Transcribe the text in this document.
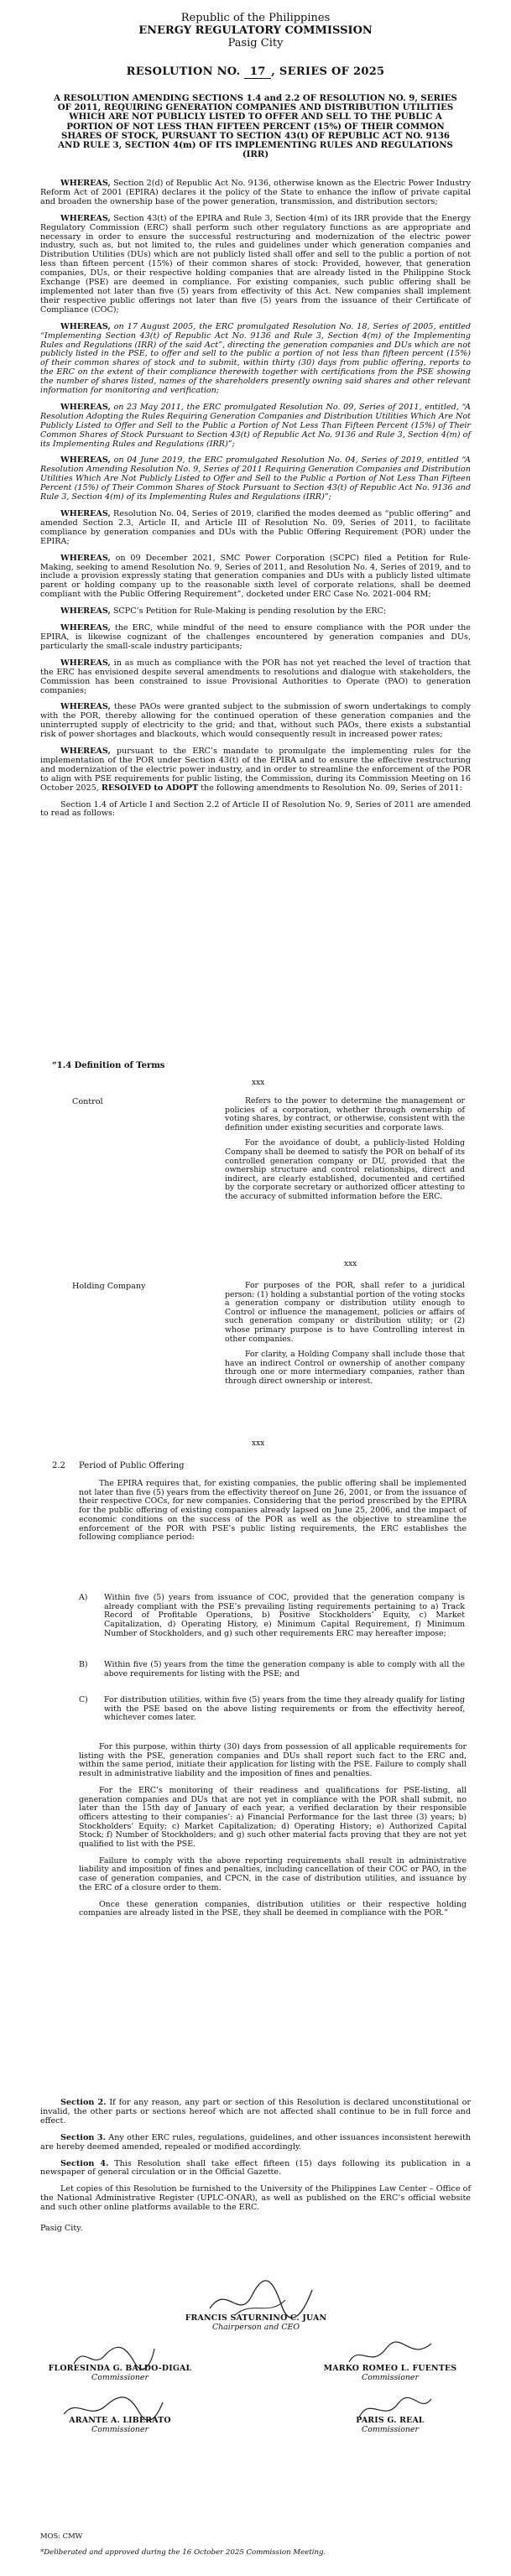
Republic of the Philippines
ENERGY REGULATORY COMMISSION
Pasig City
RESOLUTION NO. 17 , SERIES OF 2025
A RESOLUTION AMENDING SECTIONS 1.4 and 2.2 OF RESOLUTION NO. 9, SERIES OF 2011, REQUIRING GENERATION COMPANIES AND DISTRIBUTION UTILITIES WHICH ARE NOT PUBLICLY LISTED TO OFFER AND SELL TO THE PUBLIC A PORTION OF NOT LESS THAN FIFTEEN PERCENT (15%) OF THEIR COMMON SHARES OF STOCK, PURSUANT TO SECTION 43(t) OF REPUBLIC ACT NO. 9136 AND RULE 3, SECTION 4(m) OF ITS IMPLEMENTING RULES AND REGULATIONS (IRR)

WHEREAS, Section 2(d) of Republic Act No. 9136, otherwise known as the Electric Power Industry Reform Act of 2001 (EPIRA) declares it the policy of the State to enhance the inflow of private capital and broaden the ownership base of the power generation, transmission, and distribution sectors;

WHEREAS, Section 43(t) of the EPIRA and Rule 3, Section 4(m) of its IRR provide that the Energy Regulatory Commission (ERC) shall perform such other regulatory functions as are appropriate and necessary in order to ensure the successful restructuring and modernization of the electric power industry, such as, but not limited to, the rules and guidelines under which generation companies and Distribution Utilities (DUs) which are not publicly listed shall offer and sell to the public a portion of not less than fifteen percent (15%) of their common shares of stock: Provided, however, that generation companies, DUs, or their respective holding companies that are already listed in the Philippine Stock Exchange (PSE) are deemed in compliance. For existing companies, such public offering shall be implemented not later than five (5) years from effectivity of this Act. New companies shall implement their respective public offerings not later than five (5) years from the issuance of their Certificate of Compliance (COC);

WHEREAS, on 17 August 2005, the ERC promulgated Resolution No. 18, Series of 2005, entitled “Implementing Section 43(t) of Republic Act No. 9136 and Rule 3, Section 4(m) of the Implementing Rules and Regulations (IRR) of the said Act”, directing the generation companies and DUs which are not publicly listed in the PSE, to offer and sell to the public a portion of not less than fifteen percent (15%) of their common shares of stock and to submit, within thirty (30) days from public offering, reports to the ERC on the extent of their compliance therewith together with certifications from the PSE showing the number of shares listed, names of the shareholders presently owning said shares and other relevant information for monitoring and verification;

WHEREAS, on 23 May 2011, the ERC promulgated Resolution No. 09, Series of 2011, entitled, “A Resolution Adopting the Rules Requiring Generation Companies and Distribution Utilities Which Are Not Publicly Listed to Offer and Sell to the Public a Portion of Not Less Than Fifteen Percent (15%) of Their Common Shares of Stock Pursuant to Section 43(t) of Republic Act No. 9136 and Rule 3, Section 4(m) of its Implementing Rules and Regulations (IRR)”;

WHEREAS, on 04 June 2019, the ERC promulgated Resolution No. 04, Series of 2019, entitled “A Resolution Amending Resolution No. 9, Series of 2011 Requiring Generation Companies and Distribution Utilities Which Are Not Publicly Listed to Offer and Sell to the Public a Portion of Not Less Than Fifteen Percent (15%) of Their Common Shares of Stock Pursuant to Section 43(t) of Republic Act No. 9136 and Rule 3, Section 4(m) of its Implementing Rules and Regulations (IRR)”;

WHEREAS, Resolution No. 04, Series of 2019, clarified the modes deemed as “public offering” and amended Section 2.3, Article II, and Article III of Resolution No. 09, Series of 2011, to facilitate compliance by generation companies and DUs with the Public Offering Requirement (POR) under the EPIRA;

WHEREAS, on 09 December 2021, SMC Power Corporation (SCPC) filed a Petition for Rule-Making, seeking to amend Resolution No. 9, Series of 2011, and Resolution No. 4, Series of 2019, and to include a provision expressly stating that generation companies and DUs with a publicly listed ultimate parent or holding company up to the reasonable sixth level of corporate relations, shall be deemed compliant with the Public Offering Requirement”, docketed under ERC Case No. 2021-004 RM;

WHEREAS, SCPC’s Petition for Rule-Making is pending resolution by the ERC;

WHEREAS, the ERC, while mindful of the need to ensure compliance with the POR under the EPIRA, is likewise cognizant of the challenges encountered by generation companies and DUs, particularly the small-scale industry participants;

WHEREAS, in as much as compliance with the POR has not yet reached the level of traction that the ERC has envisioned despite several amendments to resolutions and dialogue with stakeholders, the Commission has been constrained to issue Provisional Authorities to Operate (PAO) to generation companies;

WHEREAS, these PAOs were granted subject to the submission of sworn undertakings to comply with the POR, thereby allowing for the continued operation of these generation companies and the uninterrupted supply of electricity to the grid; and that, without such PAOs, there exists a substantial risk of power shortages and blackouts, which would consequently result in increased power rates;

WHEREAS, pursuant to the ERC’s mandate to promulgate the implementing rules for the implementation of the POR under Section 43(t) of the EPIRA and to ensure the effective restructuring and modernization of the electric power industry, and in order to streamline the enforcement of the POR to align with PSE requirements for public listing, the Commission, during its Commission Meeting on 16 October 2025, RESOLVED to ADOPT the following amendments to Resolution No. 09, Series of 2011:

Section 1.4 of Article I and Section 2.2 of Article II of Resolution No. 9, Series of 2011 are amended to read as follows:

“1.4 Definition of Terms
xxx
Control	Refers to the power to determine the management or policies of a corporation, whether through ownership of voting shares, by contract, or otherwise, consistent with the definition under existing securities and corporate laws.

For the avoidance of doubt, a publicly-listed Holding Company shall be deemed to satisfy the POR on behalf of its controlled generation company or DU, provided that the ownership structure and control relationships, direct and indirect, are clearly established, documented and certified by the corporate secretary or authorized officer attesting to the accuracy of submitted information before the ERC.

xxx
Holding Company	For purposes of the POR, shall refer to a juridical person: (1) holding a substantial portion of the voting stocks a generation company or distribution utility enough to Control or influence the management, policies or affairs of such generation company or distribution utility; or (2) whose primary purpose is to have Controlling interest in other companies.

For clarity, a Holding Company shall include those that have an indirect Control or ownership of another company through one or more intermediary companies, rather than through direct ownership or interest.

xxx
2.2 Period of Public Offering

The EPIRA requires that, for existing companies, the public offering shall be implemented not later than five (5) years from the effectivity thereof on June 26, 2001, or from the issuance of their respective COCs, for new companies. Considering that the period prescribed by the EPIRA for the public offering of existing companies already lapsed on June 25, 2006, and the impact of economic conditions on the success of the POR as well as the objective to streamline the enforcement of the POR with PSE’s public listing requirements, the ERC establishes the following compliance period:

A) Within five (5) years from issuance of COC, provided that the generation company is already compliant with the PSE’s prevailing listing requirements pertaining to a) Track Record of Profitable Operations, b) Positive Stockholders’ Equity, c) Market Capitalization, d) Operating History, e) Minimum Capital Requirement, f) Minimum Number of Stockholders, and g) such other requirements ERC may hereafter impose;
B) Within five (5) years from the time the generation company is able to comply with all the above requirements for listing with the PSE; and
C) For distribution utilities, within five (5) years from the time they already qualify for listing with the PSE based on the above listing requirements or from the effectivity hereof, whichever comes later.

For this purpose, within thirty (30) days from possession of all applicable requirements for listing with the PSE, generation companies and DUs shall report such fact to the ERC and, within the same period, initiate their application for listing with the PSE. Failure to comply shall result in administrative liability and the imposition of fines and penalties.

For the ERC’s monitoring of their readiness and qualifications for PSE-listing, all generation companies and DUs that are not yet in compliance with the POR shall submit, no later than the 15th day of January of each year, a verified declaration by their responsible officers attesting to their companies’: a) Financial Performance for the last three (3) years; b) Stockholders’ Equity; c) Market Capitalization; d) Operating History; e) Authorized Capital Stock; f) Number of Stockholders; and g) such other material facts proving that they are not yet qualified to list with the PSE.

Failure to comply with the above reporting requirements shall result in administrative liability and imposition of fines and penalties, including cancellation of their COC or PAO, in the case of generation companies, and CPCN, in the case of distribution utilities, and issuance by the ERC of a closure order to them.

Once these generation companies, distribution utilities or their respective holding companies are already listed in the PSE, they shall be deemed in compliance with the POR.”

Section 2. If for any reason, any part or section of this Resolution is declared unconstitutional or invalid, the other parts or sections hereof which are not affected shall continue to be in full force and effect.

Section 3. Any other ERC rules, regulations, guidelines, and other issuances inconsistent herewith are hereby deemed amended, repealed or modified accordingly.

Section 4. This Resolution shall take effect fifteen (15) days following its publication in a newspaper of general circulation or in the Official Gazette.

Let copies of this Resolution be furnished to the University of the Philippines Law Center – Office of the National Administrative Register (UPLC-ONAR), as well as published on the ERC’s official website and such other online platforms available to the ERC.

Pasig City.

FRANCIS SATURNINO C. JUAN
Chairperson and CEO
FLORESINDA G. BALDO-DIGAL
Commissioner
MARKO ROMEO L. FUENTES
Commissioner
ARANTE A. LIBERATO
Commissioner
PARIS G. REAL
Commissioner
MOS: CMW
*Deliberated and approved during the 16 October 2025 Commission Meeting.
